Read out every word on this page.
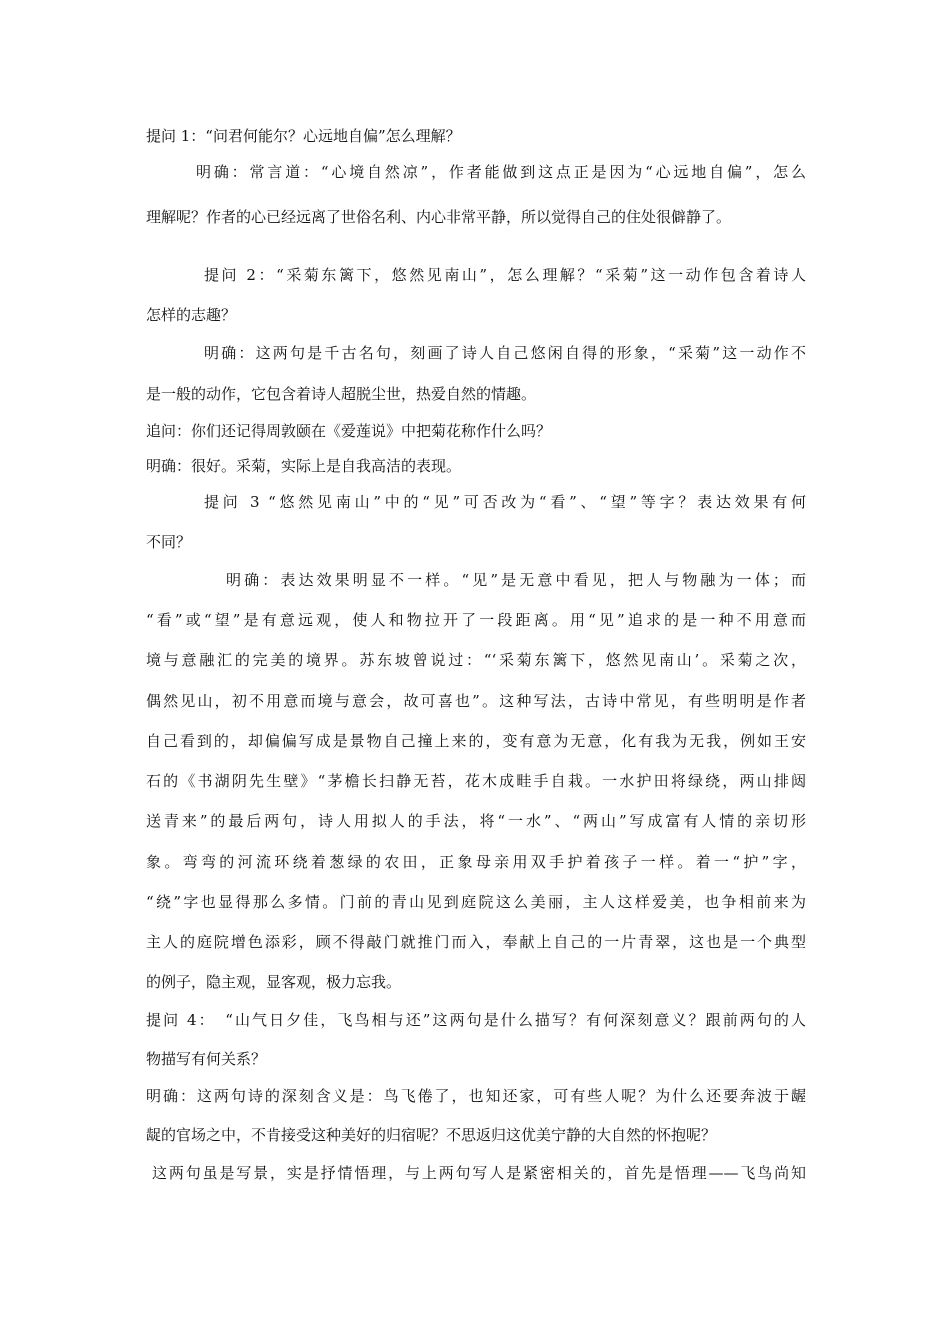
提问 1：“问君何能尔？心远地自偏”怎么理解？
明确：常言道：“心境自然凉”，作者能做到这点正是因为“心远地自偏”，怎么
理解呢？作者的心已经远离了世俗名利、内心非常平静，所以觉得自己的住处很僻静了。
提问 2：“采菊东篱下，悠然见南山”，怎么理解？“采菊”这一动作包含着诗人
怎样的志趣？
明确：这两句是千古名句，刻画了诗人自己悠闲自得的形象，“采菊”这一动作不
是一般的动作，它包含着诗人超脱尘世，热爱自然的情趣。
追问：你们还记得周敦颐在《爱莲说》中把菊花称作什么吗？
明确：很好。采菊，实际上是自我高洁的表现。
提问 3 “悠然见南山”中的“见”可否改为“看”、“望”等字？表达效果有何
不同？
明确：表达效果明显不一样。“见”是无意中看见，把人与物融为一体；而
“看”或“望”是有意远观，使人和物拉开了一段距离。用“见”追求的是一种不用意而
境与意融汇的完美的境界。苏东坡曾说过：“‘采菊东篱下，悠然见南山’。采菊之次，
偶然见山，初不用意而境与意会，故可喜也”。这种写法，古诗中常见，有些明明是作者
自己看到的，却偏偏写成是景物自己撞上来的，变有意为无意，化有我为无我，例如王安
石的《书湖阴先生壁》“茅檐长扫静无苔，花木成畦手自栽。一水护田将绿绕，两山排闼
送青来”的最后两句，诗人用拟人的手法，将“一水”、“两山”写成富有人情的亲切形
象。弯弯的河流环绕着葱绿的农田，正象母亲用双手护着孩子一样。着一“护”字，
“绕”字也显得那么多情。门前的青山见到庭院这么美丽，主人这样爱美，也争相前来为
主人的庭院增色添彩，顾不得敲门就推门而入，奉献上自己的一片青翠，这也是一个典型
的例子，隐主观，显客观，极力忘我。
提问 4：　“山气日夕佳，飞鸟相与还”这两句是什么描写？有何深刻意义？跟前两句的人
物描写有何关系？
明确：这两句诗的深刻含义是：鸟飞倦了，也知还家，可有些人呢？为什么还要奔波于龌
龊的官场之中，不肯接受这种美好的归宿呢？不思返归这优美宁静的大自然的怀抱呢？
这两句虽是写景，实是抒情悟理，与上两句写人是紧密相关的，首先是悟理——飞鸟尚知
